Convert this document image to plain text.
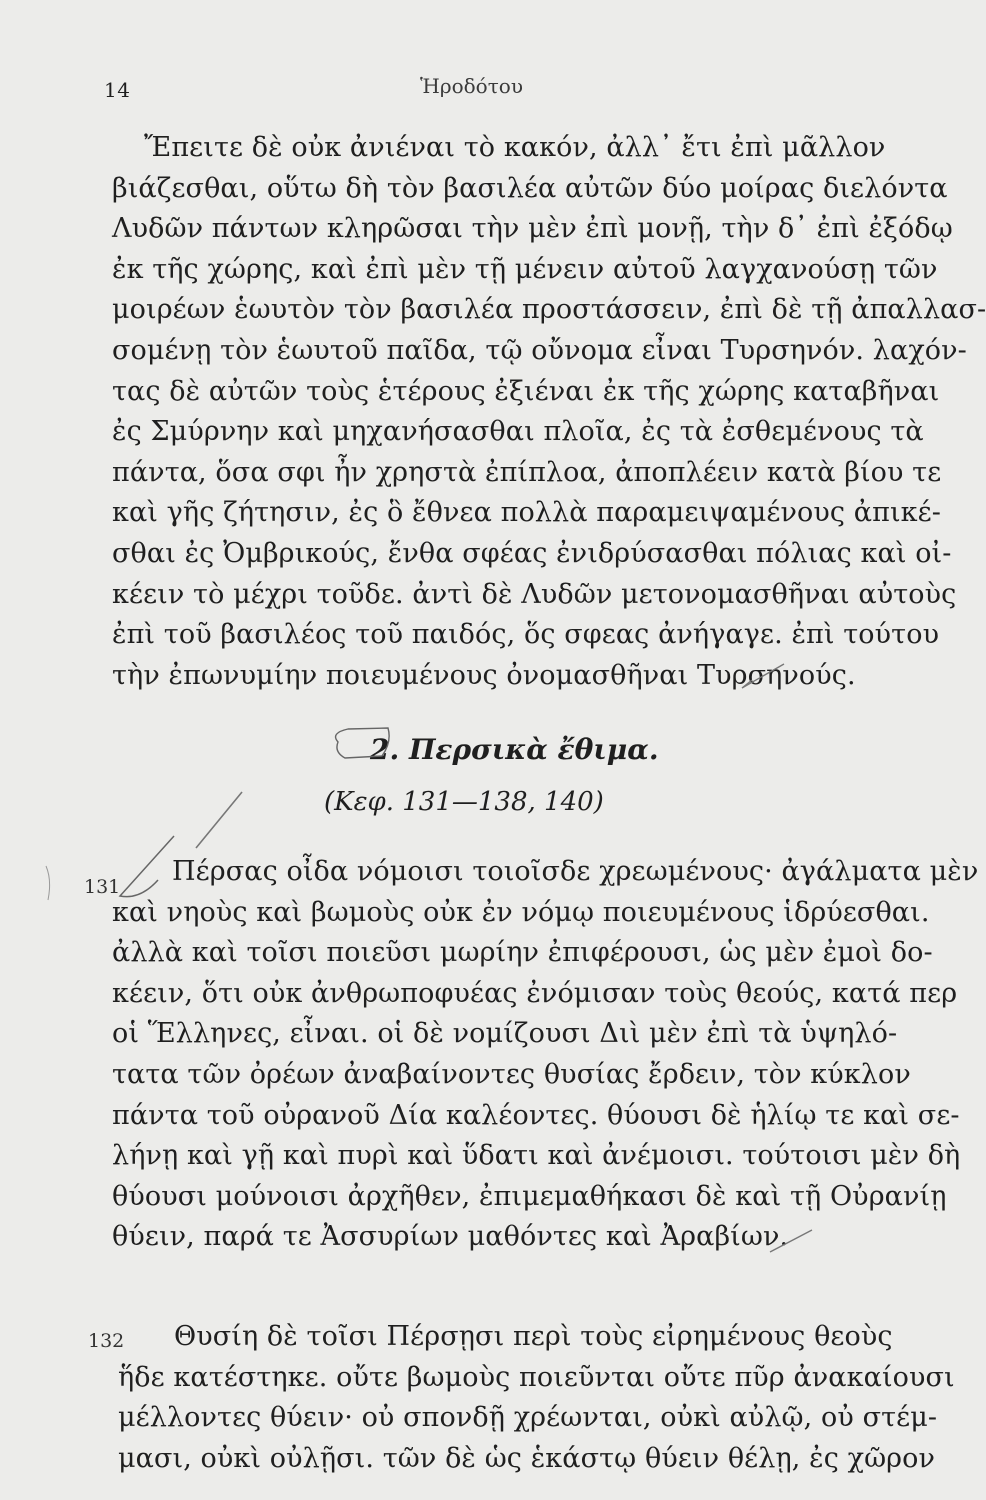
14	Ἡροδότου
Ἔπειτε δὲ οὐκ ἀνιέναι τὸ κακόν, ἀλλ᾽ ἔτι ἐπὶ μᾶλλον
βιάζεσθαι, οὕτω δὴ τὸν βασιλέα αὐτῶν δύο μοίρας διελόντα
Λυδῶν πάντων κληρῶσαι τὴν μὲν ἐπὶ μονῇ, τὴν δ᾽ ἐπὶ ἐξόδῳ
ἐκ τῆς χώρης, καὶ ἐπὶ μὲν τῇ μένειν αὐτοῦ λαγχανούσῃ τῶν
μοιρέων ἑωυτὸν τὸν βασιλέα προστάσσειν, ἐπὶ δὲ τῇ ἀπαλλασ-
σομένῃ τὸν ἑωυτοῦ παῖδα, τῷ οὔνομα εἶναι Τυρσηνόν. λαχόν-
τας δὲ αὐτῶν τοὺς ἑτέρους ἐξιέναι ἐκ τῆς χώρης καταβῆναι
ἐς Σμύρνην καὶ μηχανήσασθαι πλοῖα, ἐς τὰ ἐσθεμένους τὰ
πάντα, ὅσα σφι ἦν χρηστὰ ἐπίπλοα, ἀποπλέειν κατὰ βίου τε
καὶ γῆς ζήτησιν, ἐς ὃ ἔθνεα πολλὰ παραμειψαμένους ἀπικέ-
σθαι ἐς Ὀμβρικούς, ἔνθα σφέας ἐνιδρύσασθαι πόλιας καὶ οἰ-
κέειν τὸ μέχρι τοῦδε. ἀντὶ δὲ Λυδῶν μετονομασθῆναι αὐτοὺς
ἐπὶ τοῦ βασιλέος τοῦ παιδός, ὅς σφεας ἀνήγαγε. ἐπὶ τούτου
τὴν ἐπωνυμίην ποιευμένους ὀνομασθῆναι Τυρσηνούς.
2. Περσικὰ ἔθιμα.
(Κεφ. 131—138, 140)
131	Πέρσας οἶδα νόμοισι τοιοῖσδε χρεωμένους· ἀγάλματα μὲν
καὶ νηοὺς καὶ βωμοὺς οὐκ ἐν νόμῳ ποιευμένους ἱδρύεσθαι.
ἀλλὰ καὶ τοῖσι ποιεῦσι μωρίην ἐπιφέρουσι, ὡς μὲν ἐμοὶ δο-
κέειν, ὅτι οὐκ ἀνθρωποφυέας ἐνόμισαν τοὺς θεούς, κατά περ
οἱ Ἕλληνες, εἶναι. οἱ δὲ νομίζουσι Διὶ μὲν ἐπὶ τὰ ὑψηλό-
τατα τῶν ὀρέων ἀναβαίνοντες θυσίας ἔρδειν, τὸν κύκλον
πάντα τοῦ οὐρανοῦ Δία καλέοντες. θύουσι δὲ ἡλίῳ τε καὶ σε-
λήνῃ καὶ γῇ καὶ πυρὶ καὶ ὕδατι καὶ ἀνέμοισι. τούτοισι μὲν δὴ
θύουσι μούνοισι ἀρχῆθεν, ἐπιμεμαθήκασι δὲ καὶ τῇ Οὐρανίῃ
θύειν, παρά τε Ἀσσυρίων μαθόντες καὶ Ἀραβίων.
132	Θυσίη δὲ τοῖσι Πέρσῃσι περὶ τοὺς εἰρημένους θεοὺς
ἥδε κατέστηκε. οὔτε βωμοὺς ποιεῦνται οὔτε πῦρ ἀνακαίουσι
μέλλοντες θύειν· οὐ σπονδῇ χρέωνται, οὐκὶ αὐλῷ, οὐ στέμ-
μασι, οὐκὶ οὐλῇσι. τῶν δὲ ὡς ἑκάστῳ θύειν θέλῃ, ἐς χῶρον
